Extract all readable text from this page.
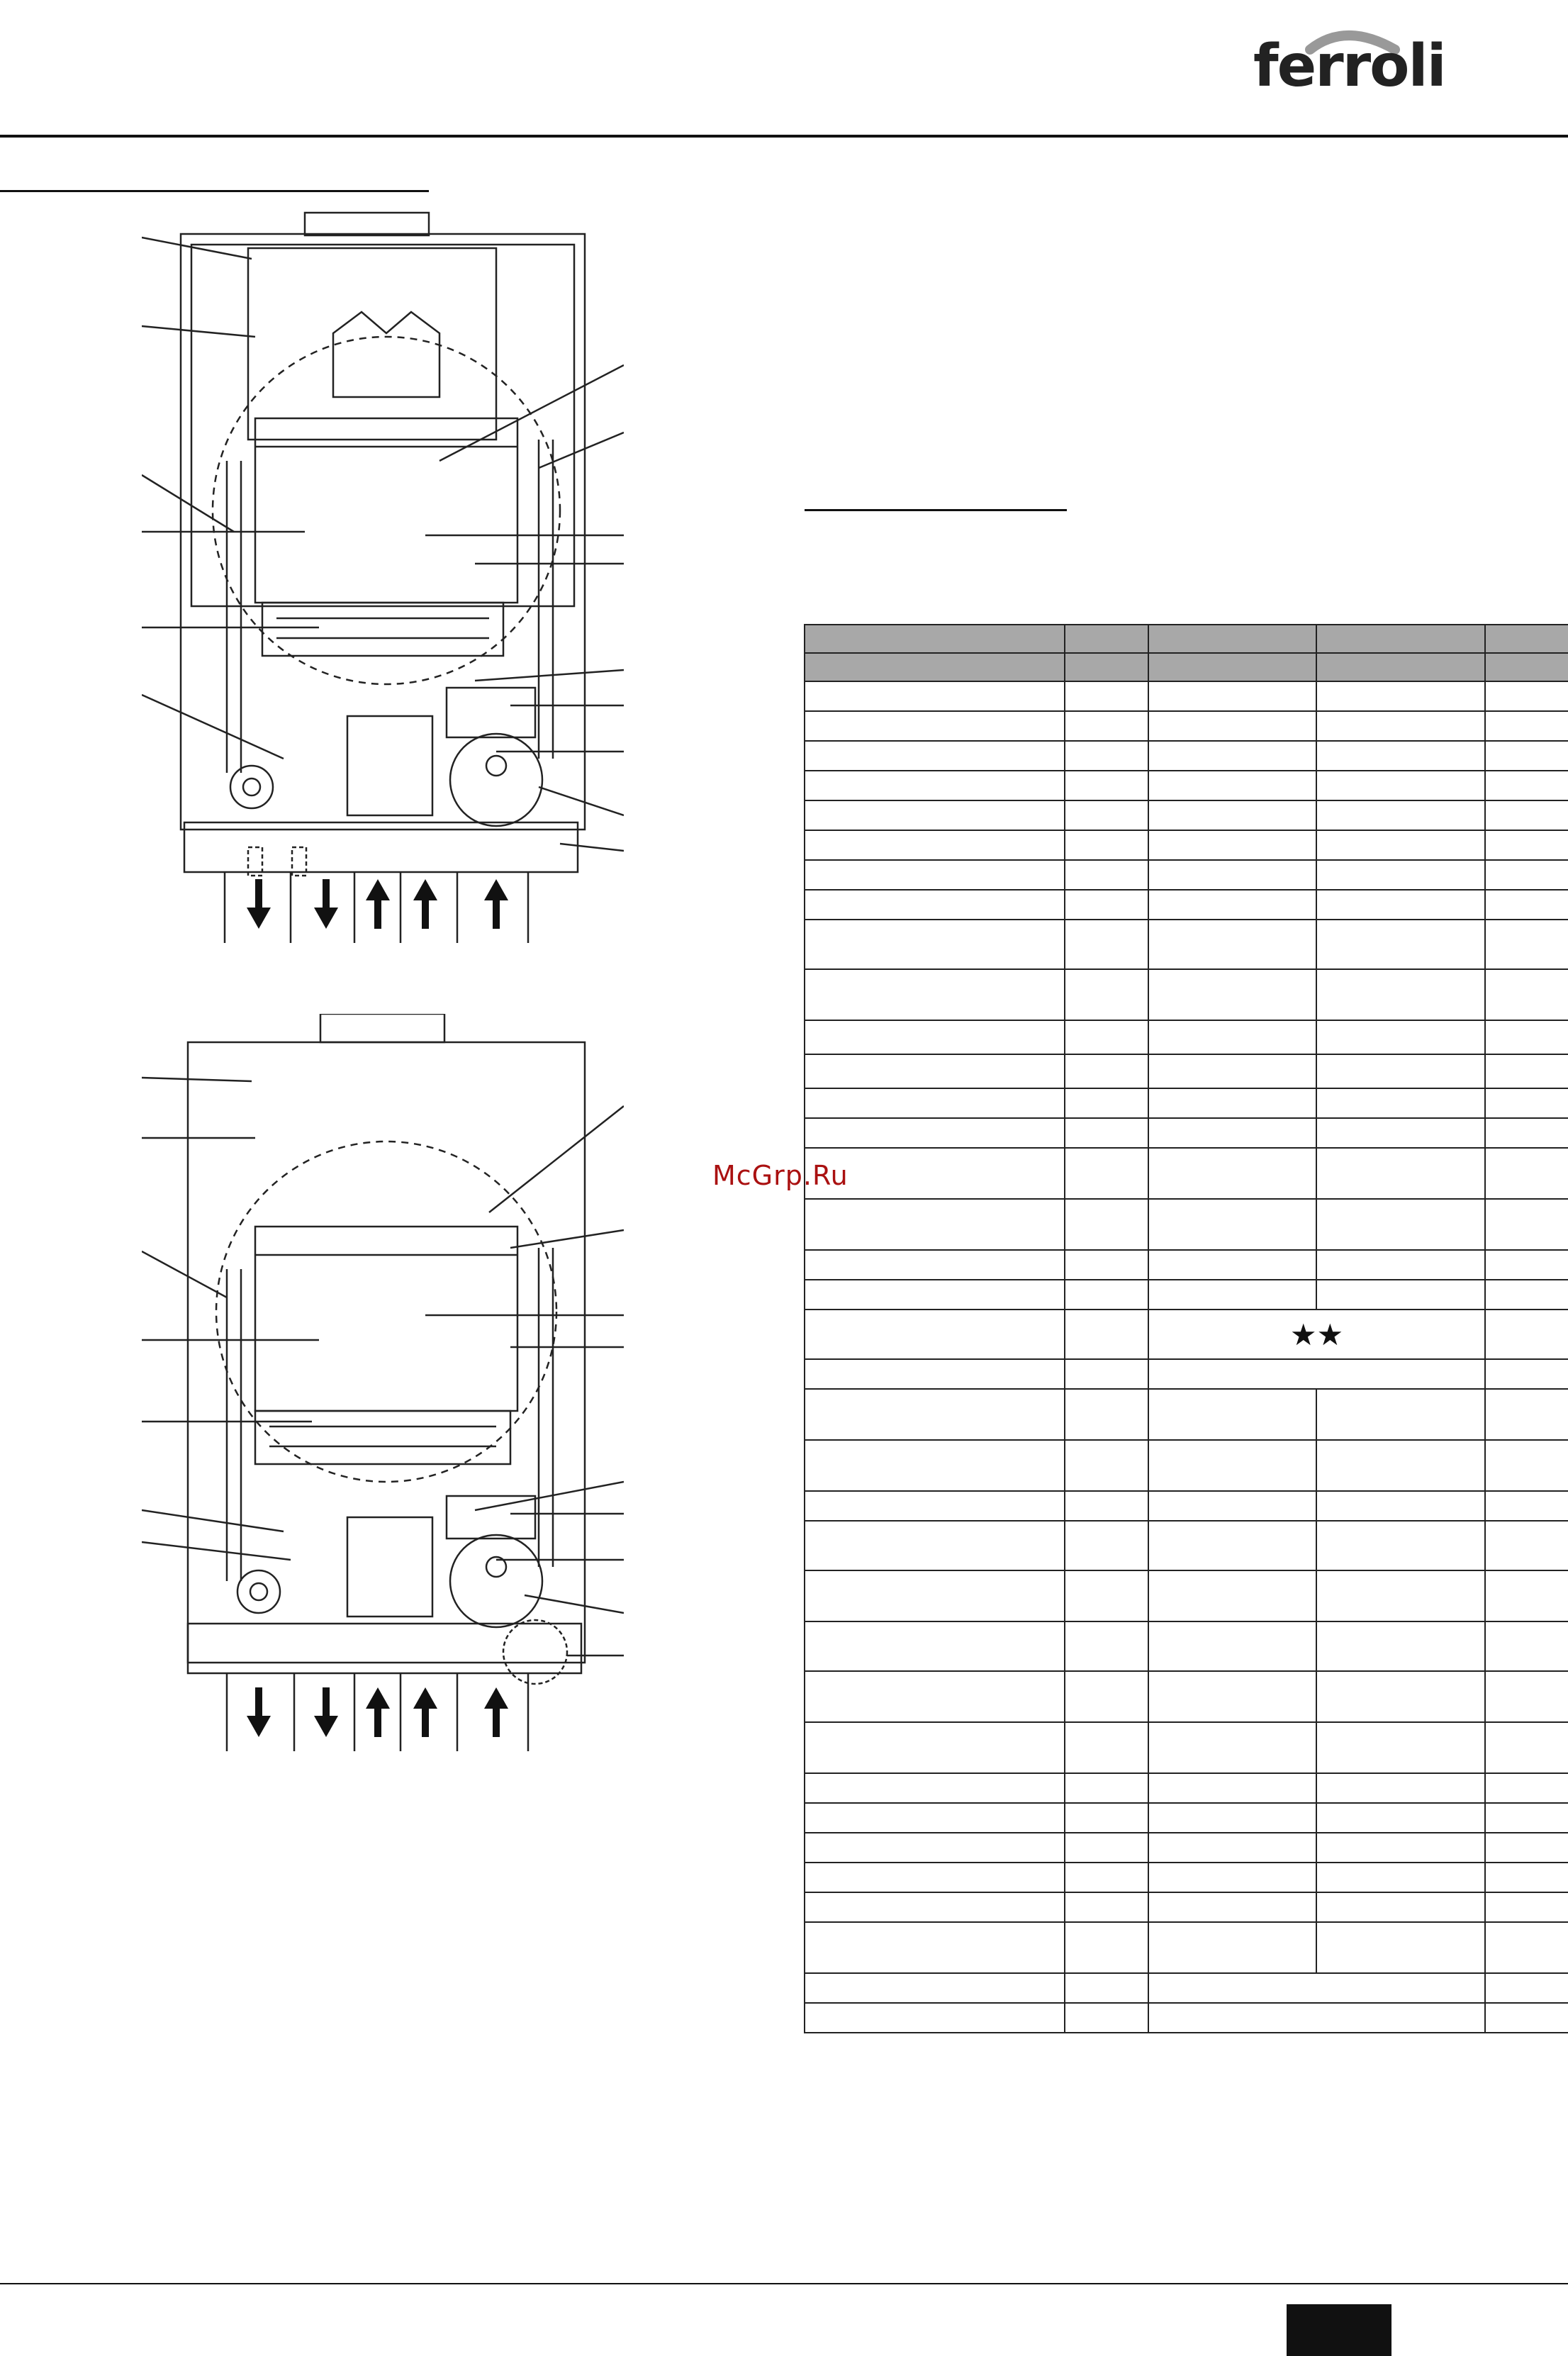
ferroli
McGrp.Ru

		★★		
